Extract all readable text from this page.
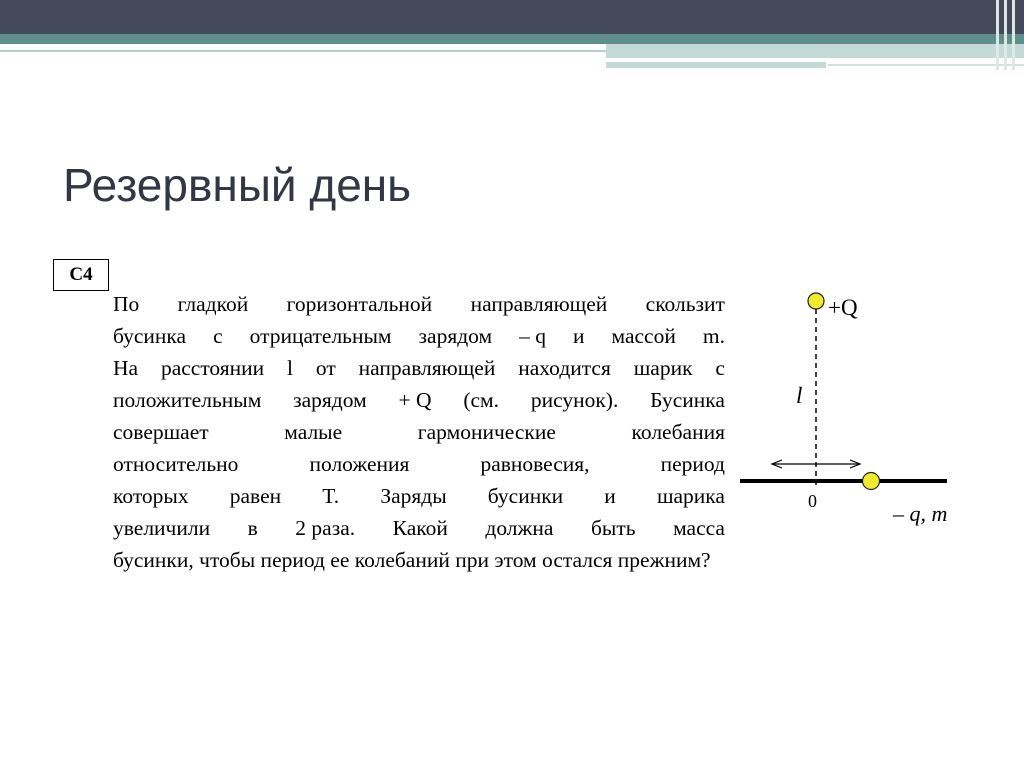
Резервный день
C4
По гладкой горизонтальной направляющей скользит
бусинка с отрицательным зарядом – q и массой m.
На расстоянии l от направляющей находится шарик с
положительным зарядом + Q (см. рисунок). Бусинка
совершает	малые	гармонические	колебания
относительно	положения	равновесия,	период
которых равен T. Заряды бусинки и шарика
увеличили в 2 раза. Какой должна быть масса
бусинки, чтобы период ее колебаний при этом остался прежним?
+Q
l
0	– q, m
